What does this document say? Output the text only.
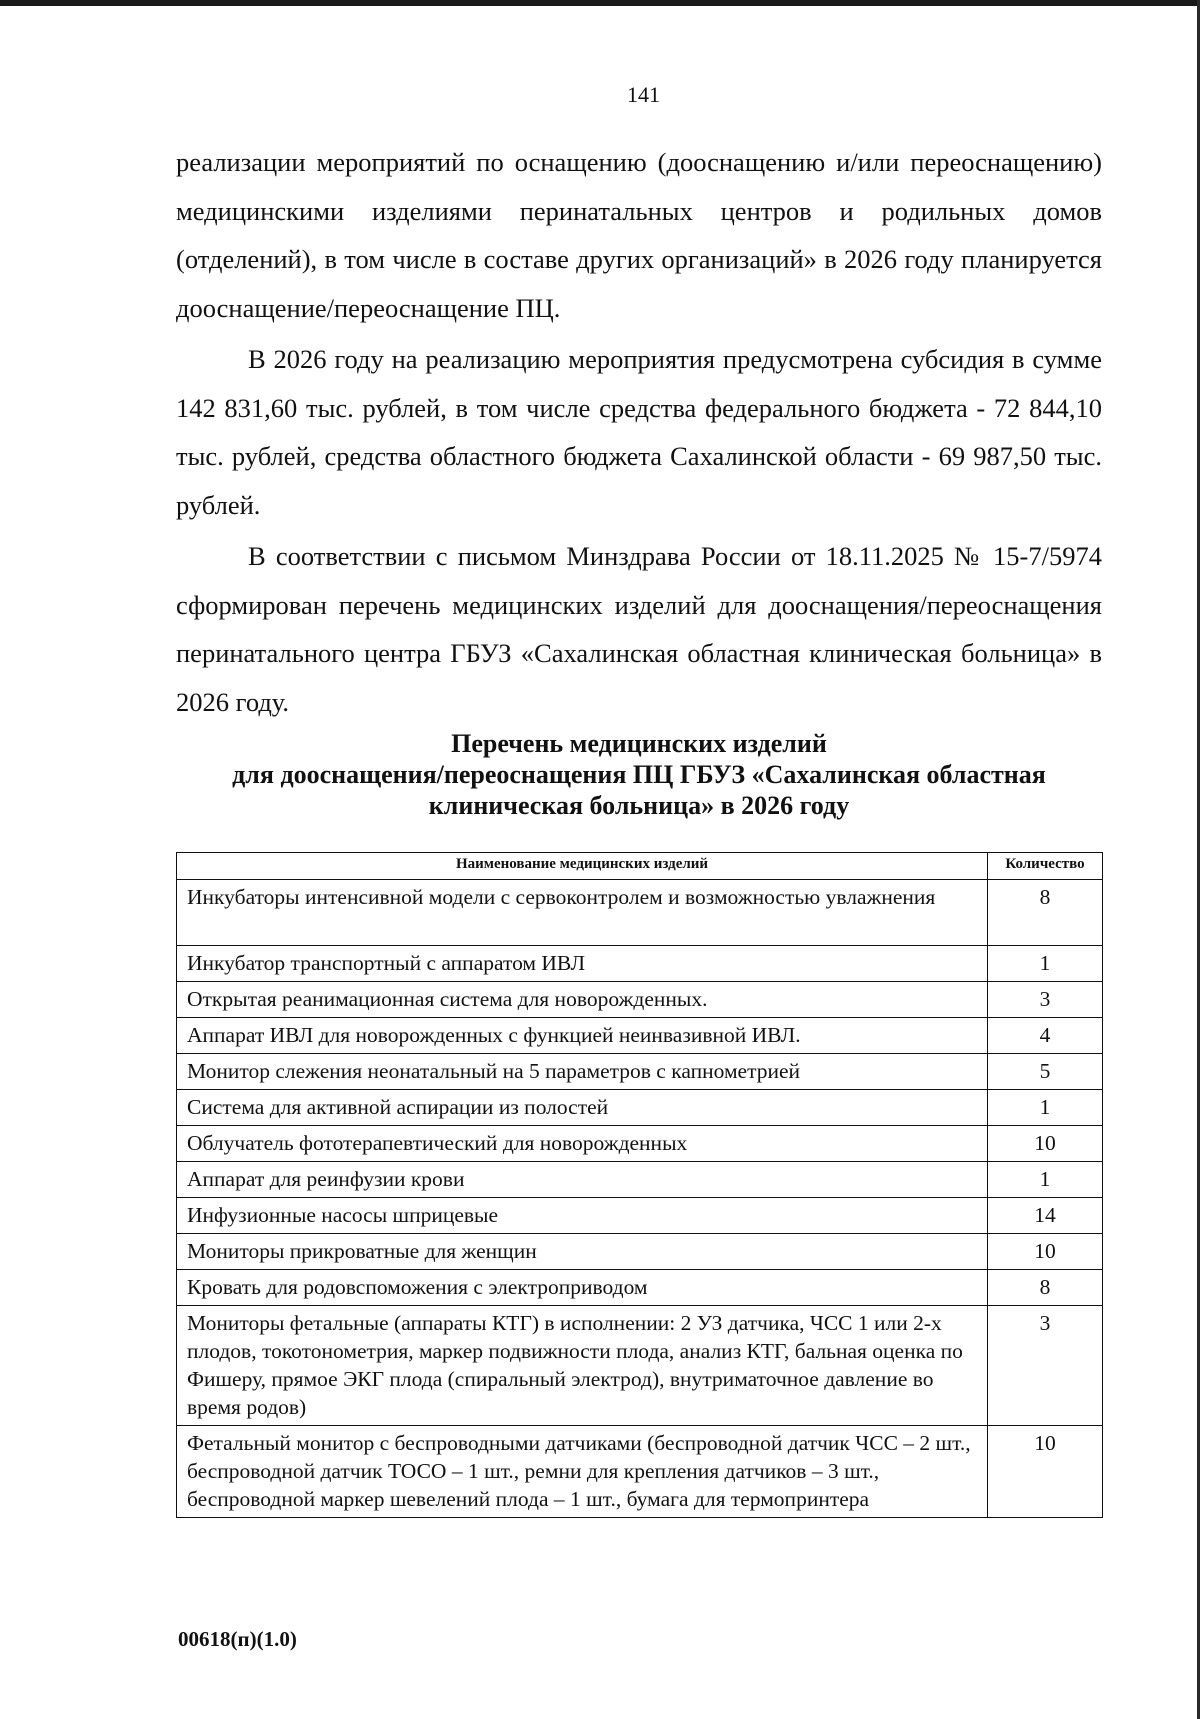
141

реализации мероприятий по оснащению (дооснащению и/или переоснащению) медицинскими изделиями перинатальных центров и родильных домов (отделений), в том числе в составе других организаций» в 2026 году планируется дооснащение/переоснащение ПЦ.

В 2026 году на реализацию мероприятия предусмотрена субсидия в сумме 142 831,60 тыс. рублей, в том числе средства федерального бюджета - 72 844,10 тыс. рублей, средства областного бюджета Сахалинской области - 69 987,50 тыс. рублей.

В соответствии с письмом Минздрава России от 18.11.2025 № 15-7/5974 сформирован перечень медицинских изделий для дооснащения/переоснащения перинатального центра ГБУЗ «Сахалинская областная клиническая больница» в 2026 году.

Перечень медицинских изделий
для дооснащения/переоснащения ПЦ ГБУЗ «Сахалинская областная
клиническая больница» в 2026 году
Наименование медицинских изделий	Количество
Инкубаторы интенсивной модели с сервоконтролем и возможностью увлажнения	8
Инкубатор транспортный с аппаратом ИВЛ	1
Открытая реанимационная система для новорожденных.	3
Аппарат ИВЛ для новорожденных с функцией неинвазивной ИВЛ.	4
Монитор слежения неонатальный на 5 параметров с капнометрией	5
Система для активной аспирации из полостей	1
Облучатель фототерапевтический для новорожденных	10
Аппарат для реинфузии крови	1
Инфузионные насосы шприцевые	14
Мониторы прикроватные для женщин	10
Кровать для родовспоможения с электроприводом	8
Мониторы фетальные (аппараты КТГ) в исполнении: 2 УЗ датчика, ЧСС 1 или 2-х плодов, токотонометрия, маркер подвижности плода, анализ КТГ, бальная оценка по Фишеру, прямое ЭКГ плода (спиральный электрод), внутриматочное давление во время родов)	3
Фетальный монитор с беспроводными датчиками (беспроводной датчик ЧСС – 2 шт., беспроводной датчик ТОСО – 1 шт., ремни для крепления датчиков – 3 шт., беспроводной маркер шевелений плода – 1 шт., бумага для термопринтера	10
00618(п)(1.0)
